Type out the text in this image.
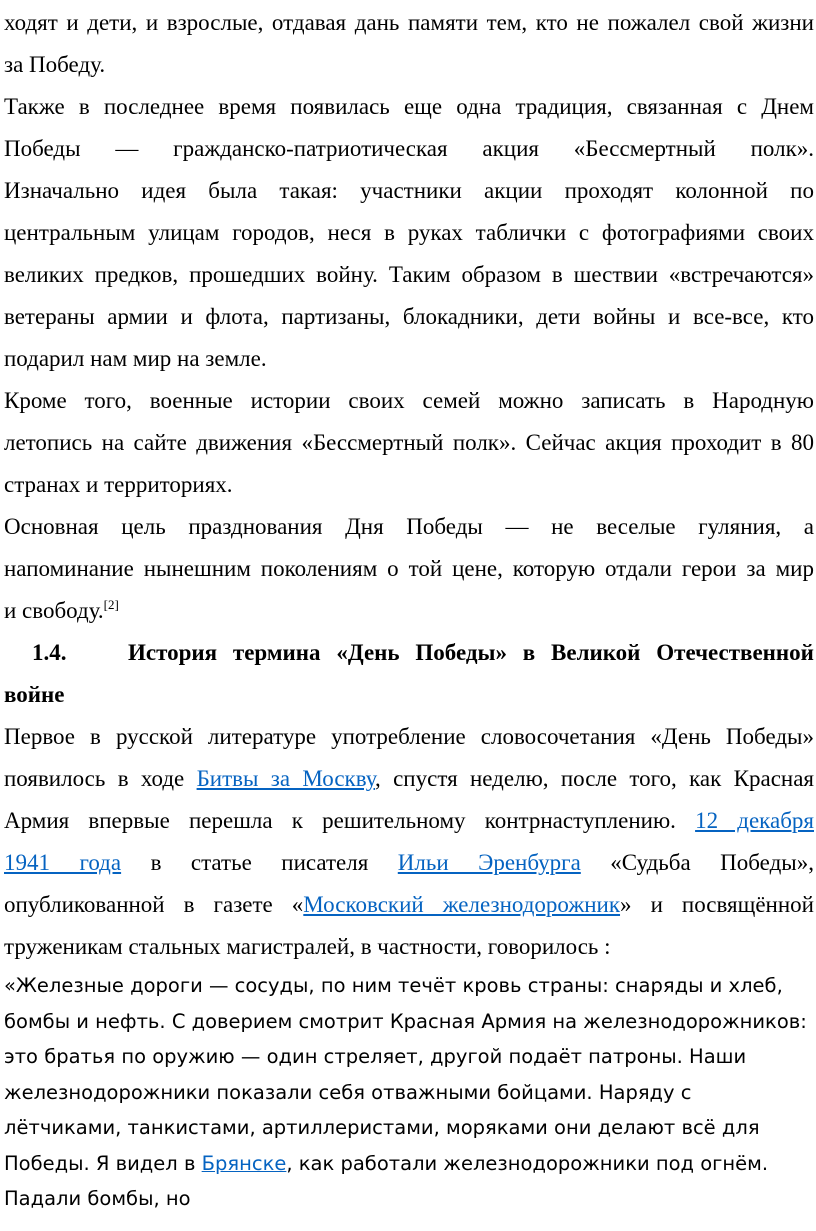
ходят и дети, и взрослые, отдавая дань памяти тем, кто не пожалел свой жизни

за Победу.

Также в последнее время появилась еще одна традиция, связанная с Днем

Победы — гражданско-патриотическая акция «Бессмертный полк».

Изначально идея была такая: участники акции проходят колонной по

центральным улицам городов, неся в руках таблички с фотографиями своих

великих предков, прошедших войну. Таким образом в шествии «встречаются»

ветераны армии и флота, партизаны, блокадники, дети войны и все-все, кто

подарил нам мир на земле.

Кроме того, военные истории своих семей можно записать в Народную

летопись на сайте движения «Бессмертный полк». Сейчас акция проходит в 80

странах и территориях.

Основная цель празднования Дня Победы — не веселые гуляния, а

напоминание нынешним поколениям о той цене, которую отдали герои за мир

и свободу.[2]

1.4.	История термина «День Победы» в Великой Отечественной
войне

Первое в русской литературе употребление словосочетания «День Победы»

появилось в ходе Битвы за Москву, спустя неделю, после того, как Красная

Армия впервые перешла к решительному контрнаступлению. 12 декабря

1941 года в статье писателя Ильи Эренбурга «Судьба Победы»,

опубликованной в газете «Московский железнодорожник» и посвящённой

труженикам стальных магистралей, в частности, говорилось :

«Железные дороги — сосуды, по ним течёт кровь страны: снаряды и хлеб,

бомбы и нефть. С доверием смотрит Красная Армия на железнодорожников:

это братья по оружию — один стреляет, другой подаёт патроны. Наши

железнодорожники показали себя отважными бойцами. Наряду с

лётчиками, танкистами, артиллеристами, моряками они делают всё для

Победы. Я видел в Брянске, как работали железнодорожники под огнём.

Падали бомбы, но
